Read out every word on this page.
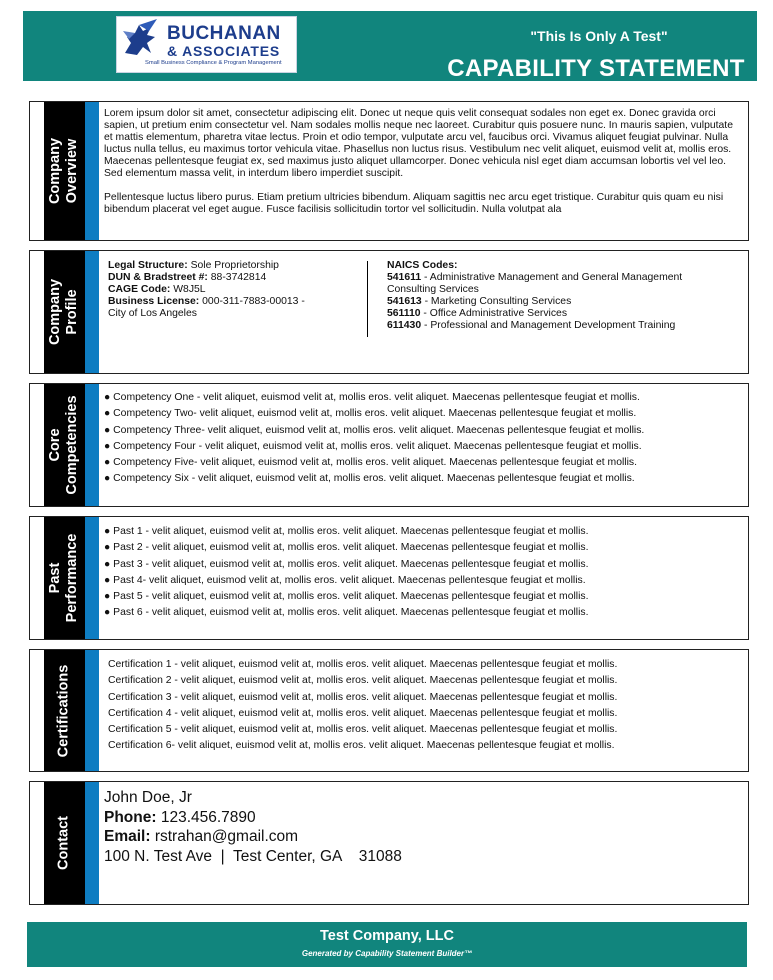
"This Is Only A Test"
CAPABILITY STATEMENT
BUCHANAN
& ASSOCIATES
Small Business Compliance & Program Management
Company Overview

Lorem ipsum dolor sit amet, consectetur adipiscing elit. Donec ut neque quis velit consequat sodales non eget ex. Donec gravida orci sapien, ut pretium enim consectetur vel. Nam sodales mollis neque nec laoreet. Curabitur quis posuere nunc. In mauris sapien, vulputate et mattis elementum, pharetra vitae lectus. Proin et odio tempor, vulputate arcu vel, faucibus orci. Vivamus aliquet feugiat pulvinar. Nulla luctus nulla tellus, eu maximus tortor vehicula vitae. Phasellus non luctus risus. Vestibulum nec velit aliquet, euismod velit at, mollis eros. Maecenas pellentesque feugiat ex, sed maximus justo aliquet ullamcorper. Donec vehicula nisl eget diam accumsan lobortis vel vel leo. Sed elementum massa velit, in interdum libero imperdiet suscipit.

Pellentesque luctus libero purus. Etiam pretium ultricies bibendum. Aliquam sagittis nec arcu eget tristique. Curabitur quis quam eu nisi bibendum placerat vel eget augue. Fusce facilisis sollicitudin tortor vel sollicitudin. Nulla volutpat ala

Company Profile
Legal Structure: Sole Proprietorship
DUN & Bradstreet #: 88-3742814
CAGE Code: W8J5L
Business License: 000-311-7883-00013 -
City of Los Angeles
NAICS Codes:
541611 - Administrative Management and General Management
Consulting Services
541613 - Marketing Consulting Services
561110 - Office Administrative Services
611430 - Professional and Management Development Training
Core Competencies ● Competency One - velit aliquet, euismod velit at, mollis eros. velit aliquet. Maecenas pellentesque feugiat et mollis.
● Competency Two- velit aliquet, euismod velit at, mollis eros. velit aliquet. Maecenas pellentesque feugiat et mollis.
● Competency Three- velit aliquet, euismod velit at, mollis eros. velit aliquet. Maecenas pellentesque feugiat et mollis.
● Competency Four - velit aliquet, euismod velit at, mollis eros. velit aliquet. Maecenas pellentesque feugiat et mollis.
● Competency Five- velit aliquet, euismod velit at, mollis eros. velit aliquet. Maecenas pellentesque feugiat et mollis.
● Competency Six - velit aliquet, euismod velit at, mollis eros. velit aliquet. Maecenas pellentesque feugiat et mollis.
Past Performance
● Past 1 - velit aliquet, euismod velit at, mollis eros. velit aliquet. Maecenas pellentesque feugiat et mollis.
● Past 2 - velit aliquet, euismod velit at, mollis eros. velit aliquet. Maecenas pellentesque feugiat et mollis.
● Past 3 - velit aliquet, euismod velit at, mollis eros. velit aliquet. Maecenas pellentesque feugiat et mollis.
● Past 4- velit aliquet, euismod velit at, mollis eros. velit aliquet. Maecenas pellentesque feugiat et mollis.
● Past 5 - velit aliquet, euismod velit at, mollis eros. velit aliquet. Maecenas pellentesque feugiat et mollis.
● Past 6 - velit aliquet, euismod velit at, mollis eros. velit aliquet. Maecenas pellentesque feugiat et mollis.
Certifications	Certification 1 - velit aliquet, euismod velit at, mollis eros. velit aliquet. Maecenas pellentesque feugiat et mollis.
Certification 2 - velit aliquet, euismod velit at, mollis eros. velit aliquet. Maecenas pellentesque feugiat et mollis.
Certification 3 - velit aliquet, euismod velit at, mollis eros. velit aliquet. Maecenas pellentesque feugiat et mollis.
Certification 4 - velit aliquet, euismod velit at, mollis eros. velit aliquet. Maecenas pellentesque feugiat et mollis.
Certification 5 - velit aliquet, euismod velit at, mollis eros. velit aliquet. Maecenas pellentesque feugiat et mollis.
Certification 6- velit aliquet, euismod velit at, mollis eros. velit aliquet. Maecenas pellentesque feugiat et mollis.
Contact
John Doe, Jr
Phone: 123.456.7890
Email: rstrahan@gmail.com
100 N. Test Ave  |  Test Center, GA    31088
Test Company, LLC
Generated by Capability Statement Builder™
